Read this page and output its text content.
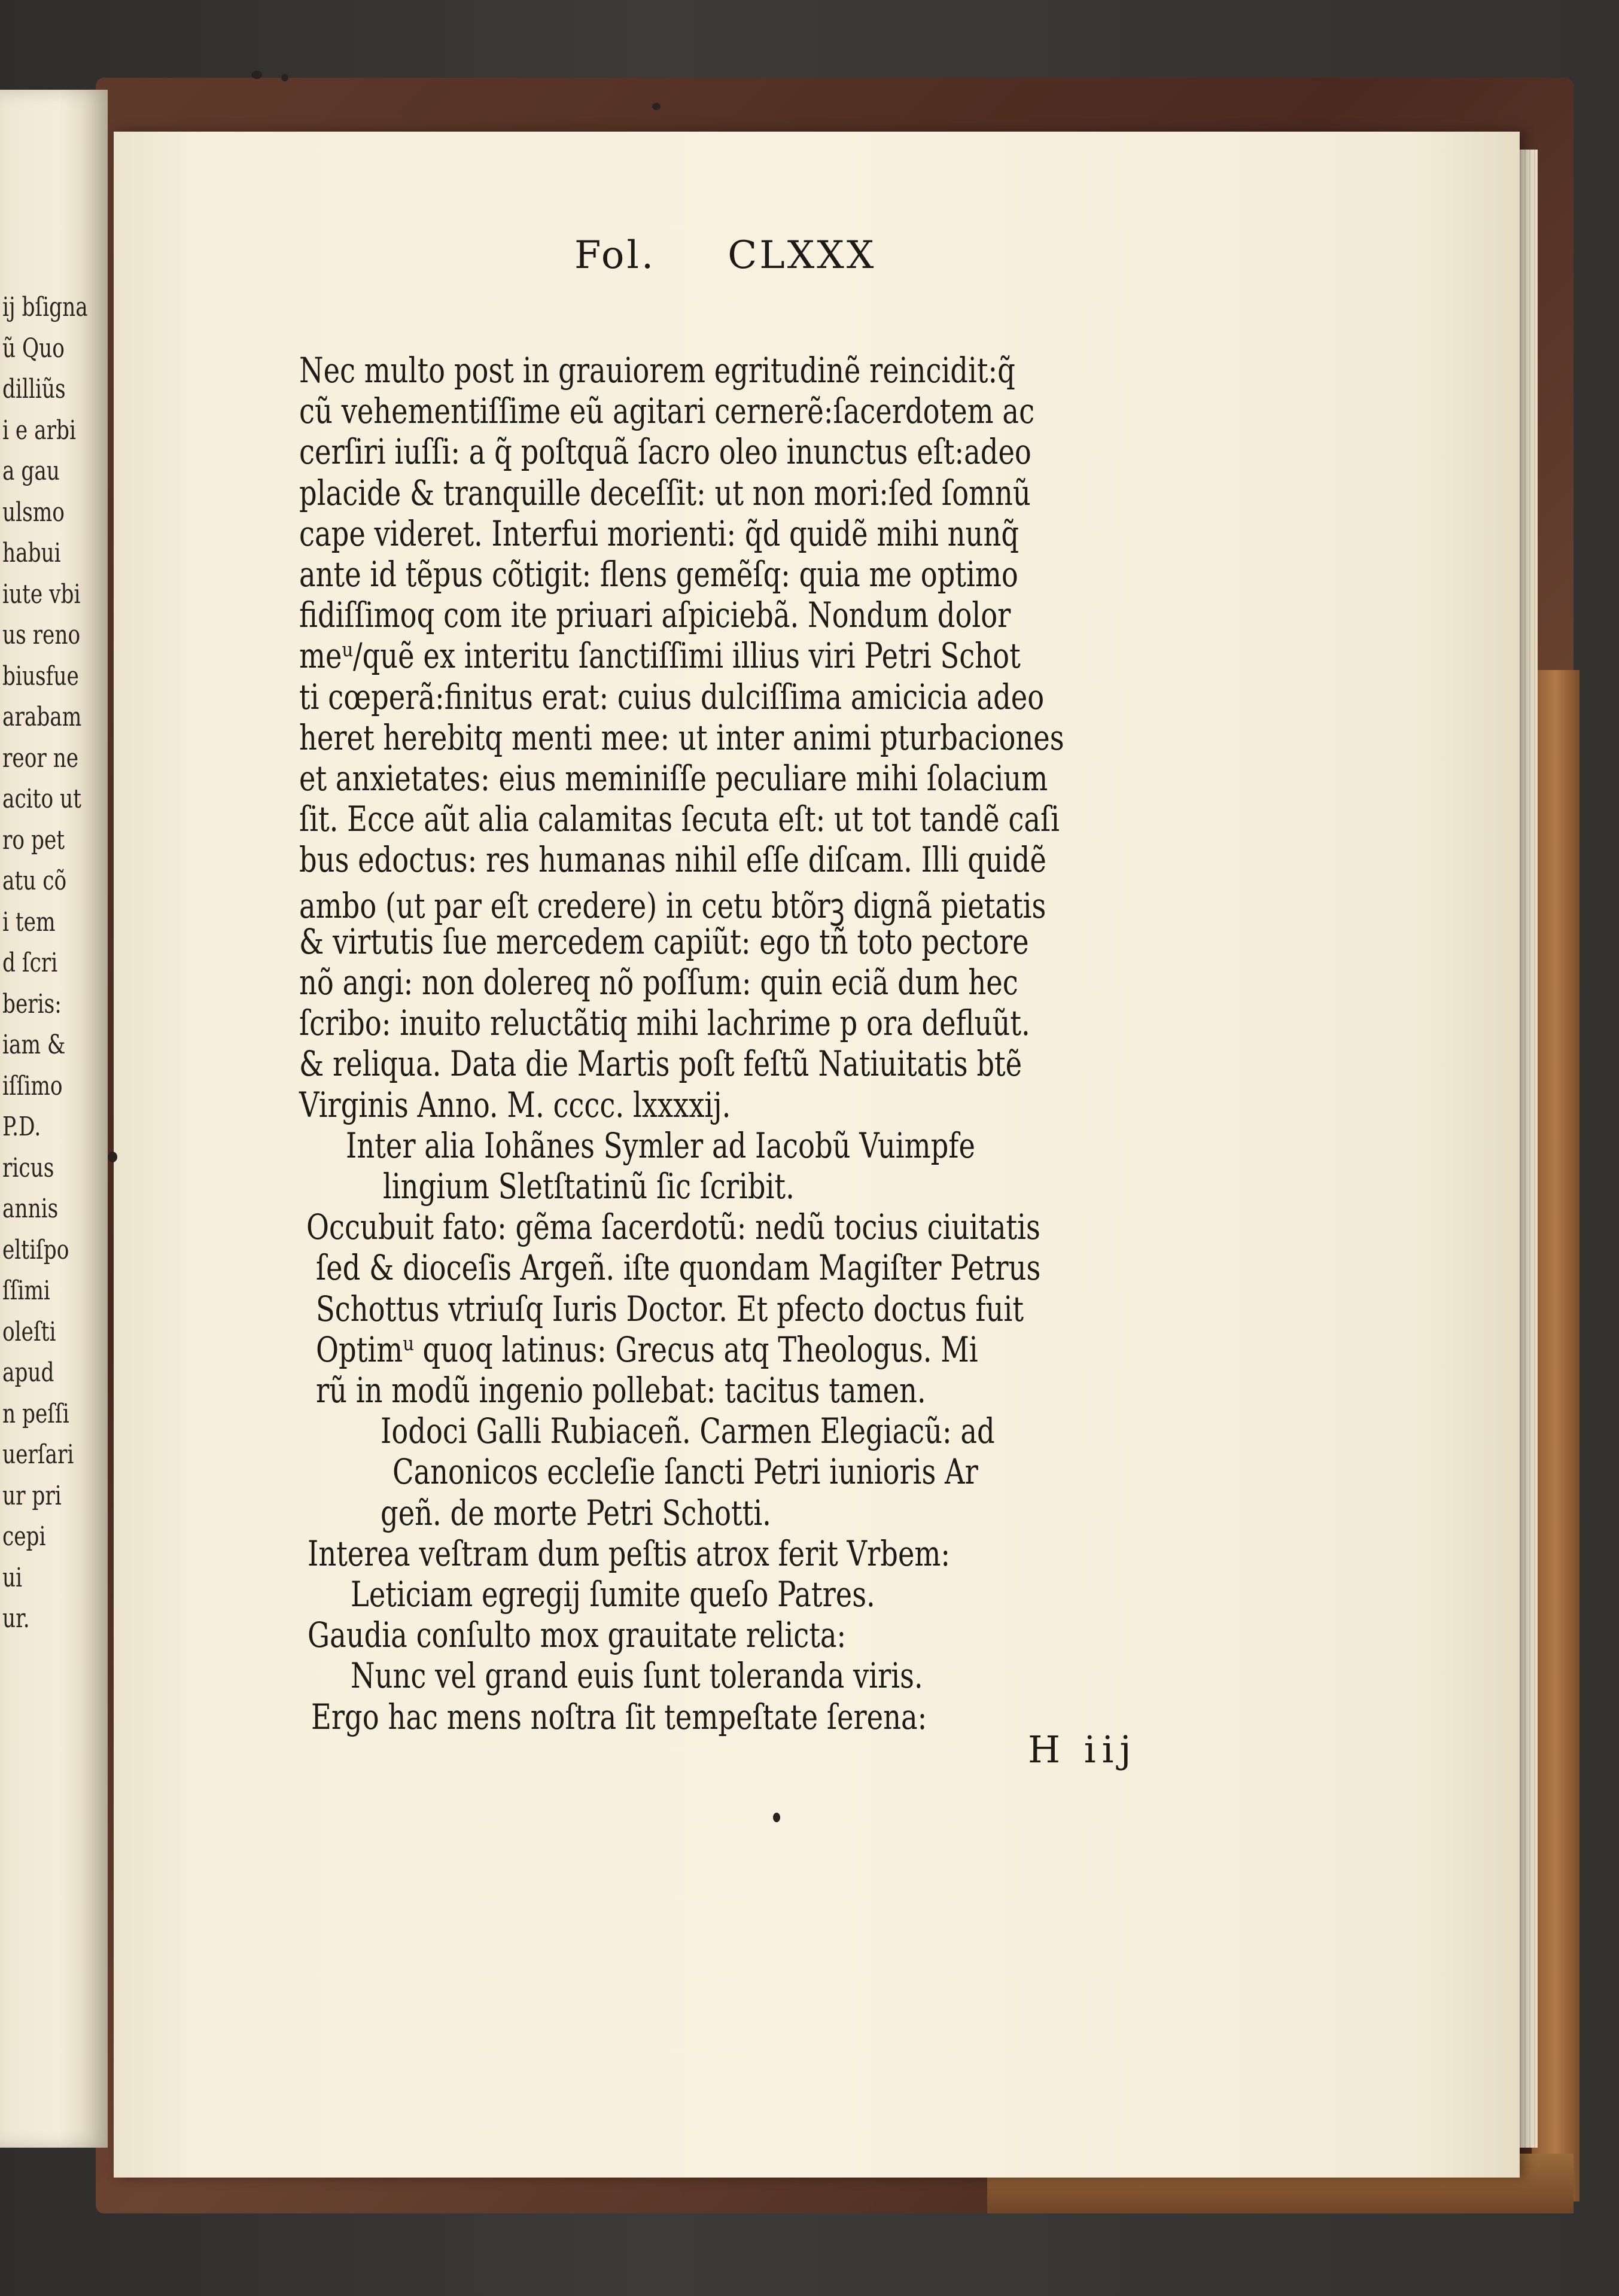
ij bſigna
ũ Quo
dilliũs
i e arbi
a gau
ulsmo
habui
iute vbi
us reno
biusfue
arabam
reor ne
acito ut
ro pet
atu cõ
i tem
d ſcri
beris:
iam &
iſſimo
P.D.
ricus
annis
eltiſpo
ſſimi
oleſti
apud
n peſſi
uerſari
ur pri
cepi
ui
ur.
Fol. CLXXX
Nec multo post in grauiorem egritudinẽ reincidit:q̃
cũ vehementiſſime eũ agitari cernerẽ:ſacerdotem ac
cerſiri iuſſi: a q̃ poſtquã ſacro oleo inunctus eſt:adeo
placide & tranquille deceſſit: ut non mori:ſed ſomnũ
cape videret. Interfui morienti: q̃d quidẽ mihi nunq̃
ante id tẽpus cõtigit: flens gemẽſq: quia me optimo
fidiſſimoq com ite priuari aſpiciebã. Nondum dolor
meᵘ/quẽ ex interitu ſanctiſſimi illius viri Petri Schot
ti cœperã:finitus erat: cuius dulciſſima amicicia adeo
heret herebitq menti mee: ut inter animi pturbaciones
et anxietates: eius meminiſſe peculiare mihi ſolacium
ſit. Ecce aũt alia calamitas ſecuta eſt: ut tot tandẽ caſi
bus edoctus: res humanas nihil eſſe diſcam. Illi quidẽ
ambo (ut par eſt credere) in cetu btõrꝫ dignã pietatis
& virtutis ſue mercedem capiũt: ego tñ toto pectore
nõ angi: non dolereq nõ poſſum: quin eciã dum hec
ſcribo: inuito reluctãtiq mihi lachrime p ora defluũt.
& reliqua. Data die Martis poſt feſtũ Natiuitatis btẽ
Virginis Anno. M. cccc. lxxxxij.
Inter alia Iohãnes Symler ad Iacobũ Vuimpfe
lingium Sletſtatinũ ſic ſcribit.
Occubuit fato: gẽma ſacerdotũ: nedũ tocius ciuitatis
ſed & dioceſis Argeñ. iſte quondam Magiſter Petrus
Schottus vtriuſq Iuris Doctor. Et pfecto doctus fuit
Optimᵘ quoq latinus: Grecus atq Theologus. Mi
rũ in modũ ingenio pollebat: tacitus tamen.
Iodoci Galli Rubiaceñ. Carmen Elegiacũ: ad
Canonicos eccleſie ſancti Petri iunioris Ar
geñ. de morte Petri Schotti.
Interea veſtram dum peſtis atrox ferit Vrbem:
Leticiam egregij ſumite queſo Patres.
Gaudia conſulto mox grauitate relicta:
Nunc vel grand euis ſunt toleranda viris.
Ergo hac mens noſtra ſit tempeſtate ſerena:
H iij
